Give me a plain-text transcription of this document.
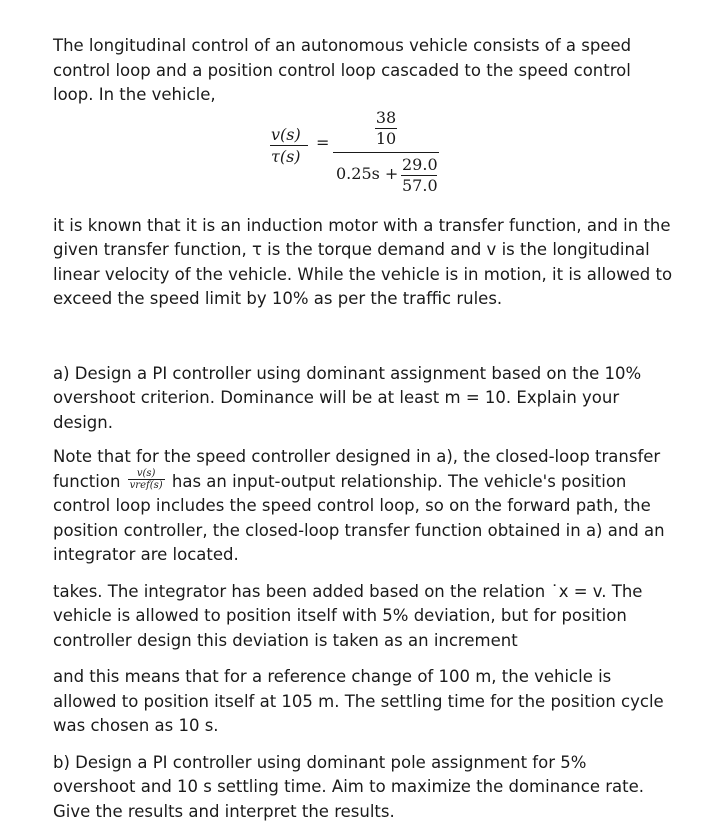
The longitudinal control of an autonomous vehicle consists of a speed control loop and a position control loop cascaded to the speed control loop. In the vehicle,

v(s)
τ(s)
=
38
10
0.25s + 29.0
57.0

it is known that it is an induction motor with a transfer function, and in the given transfer function, τ is the torque demand and v is the longitudinal linear velocity of the vehicle. While the vehicle is in motion, it is allowed to exceed the speed limit by 10% as per the traffic rules.

a) Design a PI controller using dominant assignment based on the 10% overshoot criterion. Dominance will be at least m = 10. Explain your design.

Note that for the speed controller designed in a), the closed-loop transfer function $\frac{v(s)}{\text{vref(s)}}$ has an input-output relationship. The vehicle's position control loop includes the speed control loop, so on the forward path, the position controller, the closed-loop transfer function obtained in a) and an integrator are located.

takes. The integrator has been added based on the relation ˙x = v. The vehicle is allowed to position itself with 5% deviation, but for position controller design this deviation is taken as an increment

and this means that for a reference change of 100 m, the vehicle is allowed to position itself at 105 m. The settling time for the position cycle was chosen as 10 s.

b) Design a PI controller using dominant pole assignment for 5% overshoot and 10 s settling time. Aim to maximize the dominance rate. Give the results and interpret the results.
